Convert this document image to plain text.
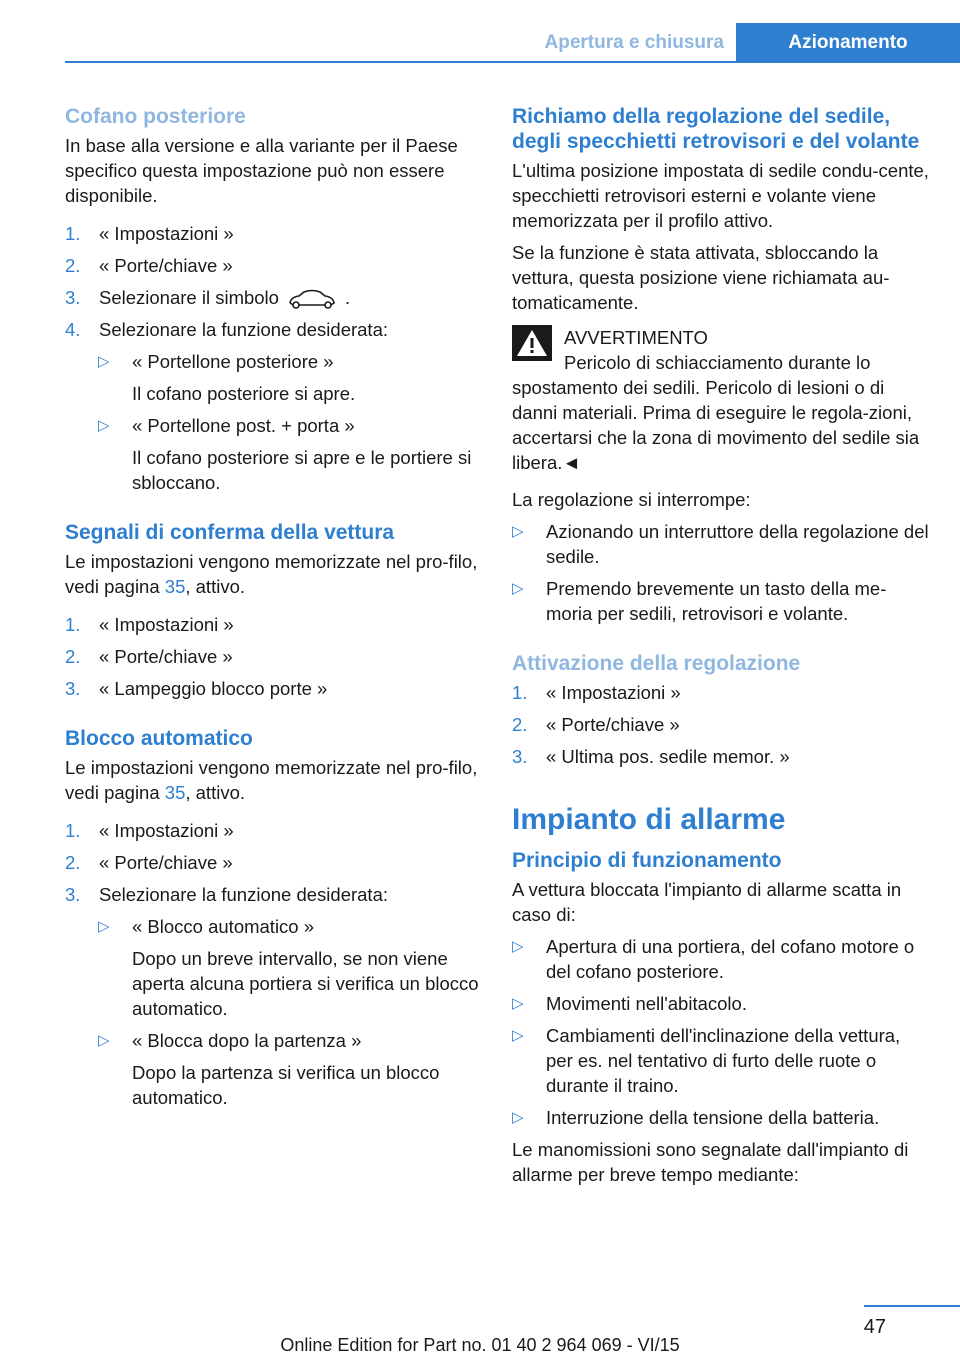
Apertura e chiusura	Azionamento
Cofano posteriore

In base alla versione e alla variante per il Paese specifico questa impostazione può non essere disponibile.

1.	« Impostazioni »
2.	« Porte/chiave »
3.	Selezionare il simbolo	.
4.	Selezionare la funzione desiderata:
▷	« Portellone posteriore »
Il cofano posteriore si apre.
▷	« Portellone post. + porta »
Il cofano posteriore si apre e le portiere si sbloccano.
Segnali di conferma della vettura

Le impostazioni vengono memorizzate nel pro‐filo, vedi pagina 35, attivo.

1.	« Impostazioni »
2.	« Porte/chiave »
3.	« Lampeggio blocco porte »
Blocco automatico

Le impostazioni vengono memorizzate nel pro‐filo, vedi pagina 35, attivo.

1.	« Impostazioni »
2.	« Porte/chiave »
3.	Selezionare la funzione desiderata:
▷	« Blocco automatico »
Dopo un breve intervallo, se non viene aperta alcuna portiera si verifica un blocco automatico.
▷	« Blocca dopo la partenza »
Dopo la partenza si verifica un blocco automatico.
Richiamo della regolazione del sedile, degli specchietti retrovisori e del volante

L'ultima posizione impostata di sedile condu‐cente, specchietti retrovisori esterni e volante viene memorizzata per il profilo attivo.

Se la funzione è stata attivata, sbloccando la vettura, questa posizione viene richiamata au‐tomaticamente.

AVVERTIMENTO
Pericolo di schiacciamento durante lo
spostamento dei sedili. Pericolo di lesioni o di danni materiali. Prima di eseguire le regola‐zioni, accertarsi che la zona di movimento del sedile sia libera.◄

La regolazione si interrompe:

▷	Azionando un interruttore della regolazione del sedile.
▷	Premendo brevemente un tasto della me‐moria per sedili, retrovisori e volante.
Attivazione della regolazione
1.	« Impostazioni »
2.	« Porte/chiave »
3.	« Ultima pos. sedile memor. »
Impianto di allarme
Principio di funzionamento

A vettura bloccata l'impianto di allarme scatta in caso di:

▷	Apertura di una portiera, del cofano motore o del cofano posteriore.
▷	Movimenti nell'abitacolo.
▷	Cambiamenti dell'inclinazione della vettura, per es. nel tentativo di furto delle ruote o durante il traino.
▷	Interruzione della tensione della batteria.

Le manomissioni sono segnalate dall'impianto di allarme per breve tempo mediante:

47
Online Edition for Part no. 01 40 2 964 069 - VI/15
